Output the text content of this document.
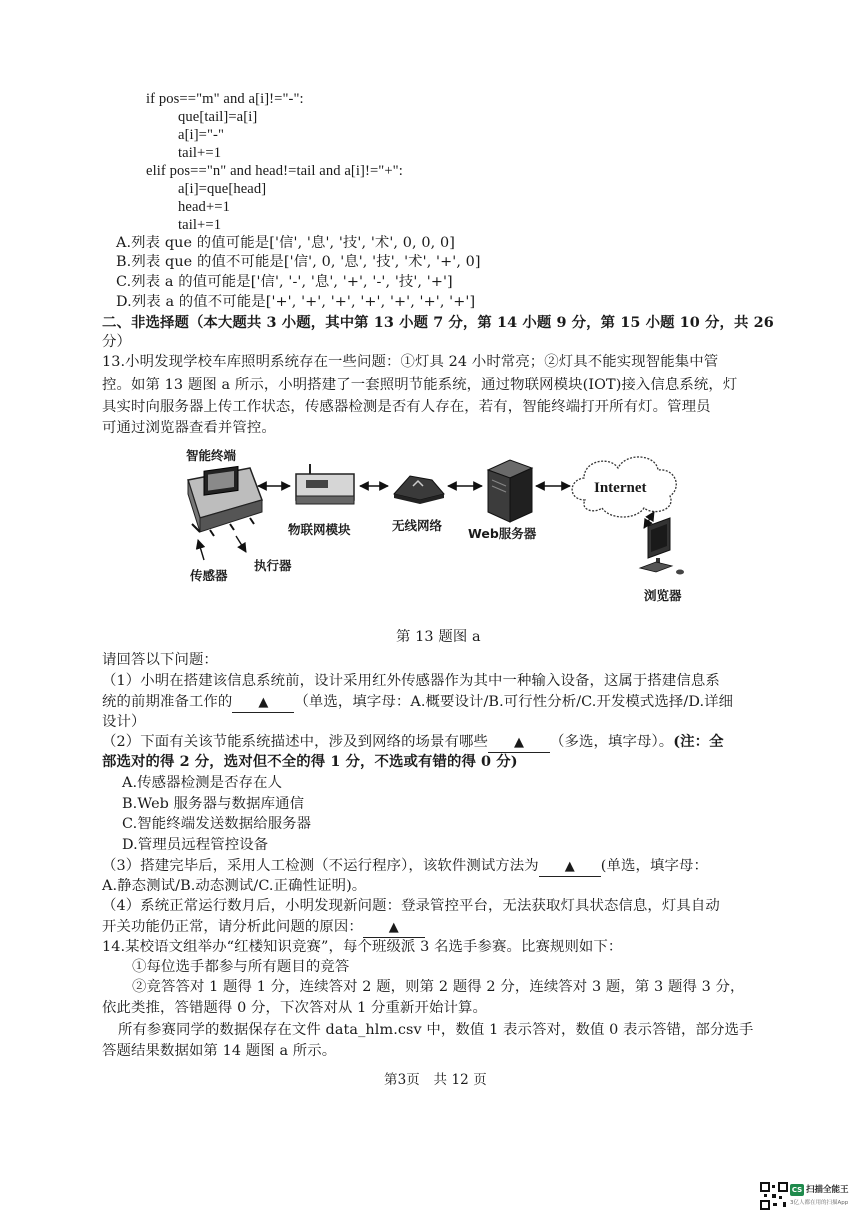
if pos=="m" and a[i]!="-":
que[tail]=a[i]
a[i]="-"
tail+=1
elif pos=="n" and head!=tail and a[i]!="+":
a[i]=que[head]
head+=1
tail+=1
A.列表 que 的值可能是['信', '息', '技', '术', 0, 0, 0]
B.列表 que 的值不可能是['信', 0, '息', '技', '术', '+', 0]
C.列表 a 的值可能是['信', '-', '息', '+', '-', '技', '+']
D.列表 a 的值不可能是['+', '+', '+', '+', '+', '+', '+']
二、非选择题（本大题共 3 小题，其中第 13 小题 7 分，第 14 小题 9 分，第 15 小题 10 分，共 26
分）
13.小明发现学校车库照明系统存在一些问题：①灯具 24 小时常亮；②灯具不能实现智能集中管
控。如第 13 题图 a 所示，小明搭建了一套照明节能系统，通过物联网模块(IOT)接入信息系统，灯
具实时向服务器上传工作状态，传感器检测是否有人存在，若有，智能终端打开所有灯。管理员
可通过浏览器查看并管控。
智能终端
物联网模块	无线网络
Web服务器
Internet
浏览器
传感器
执行器
第 13 题图 a
请回答以下问题：
（1）小明在搭建该信息系统前，设计采用红外传感器作为其中一种输入设备，这属于搭建信息系
统的前期准备工作的 ▲ （单选，填字母：A.概要设计/B.可行性分析/C.开发模式选择/D.详细
设计）
（2）下面有关该节能系统描述中，涉及到网络的场景有哪些 ▲ （多选，填字母）。(注：全
部选对的得 2 分，选对但不全的得 1 分，不选或有错的得 0 分)
A.传感器检测是否存在人
B.Web 服务器与数据库通信
C.智能终端发送数据给服务器
D.管理员远程管控设备
（3）搭建完毕后，采用人工检测（不运行程序），该软件测试方法为 ▲ (单选，填字母：
A.静态测试/B.动态测试/C.正确性证明)。
（4）系统正常运行数月后，小明发现新问题：登录管控平台，无法获取灯具状态信息，灯具自动
开关功能仍正常，请分析此问题的原因： ▲
14.某校语文组举办“红楼知识竞赛”，每个班级派 3 名选手参赛。比赛规则如下：
①每位选手都参与所有题目的竞答
②竞答答对 1 题得 1 分，连续答对 2 题，则第 2 题得 2 分，连续答对 3 题，第 3 题得 3 分，
依此类推，答错题得 0 分，下次答对从 1 分重新开始计算。
所有参赛同学的数据保存在文件 data_hlm.csv 中，数值 1 表示答对，数值 0 表示答错，部分选手
答题结果数据如第 14 题图 a 所示。
第3页　共 12 页
CS 扫描全能王
3亿人都在用的扫描App
